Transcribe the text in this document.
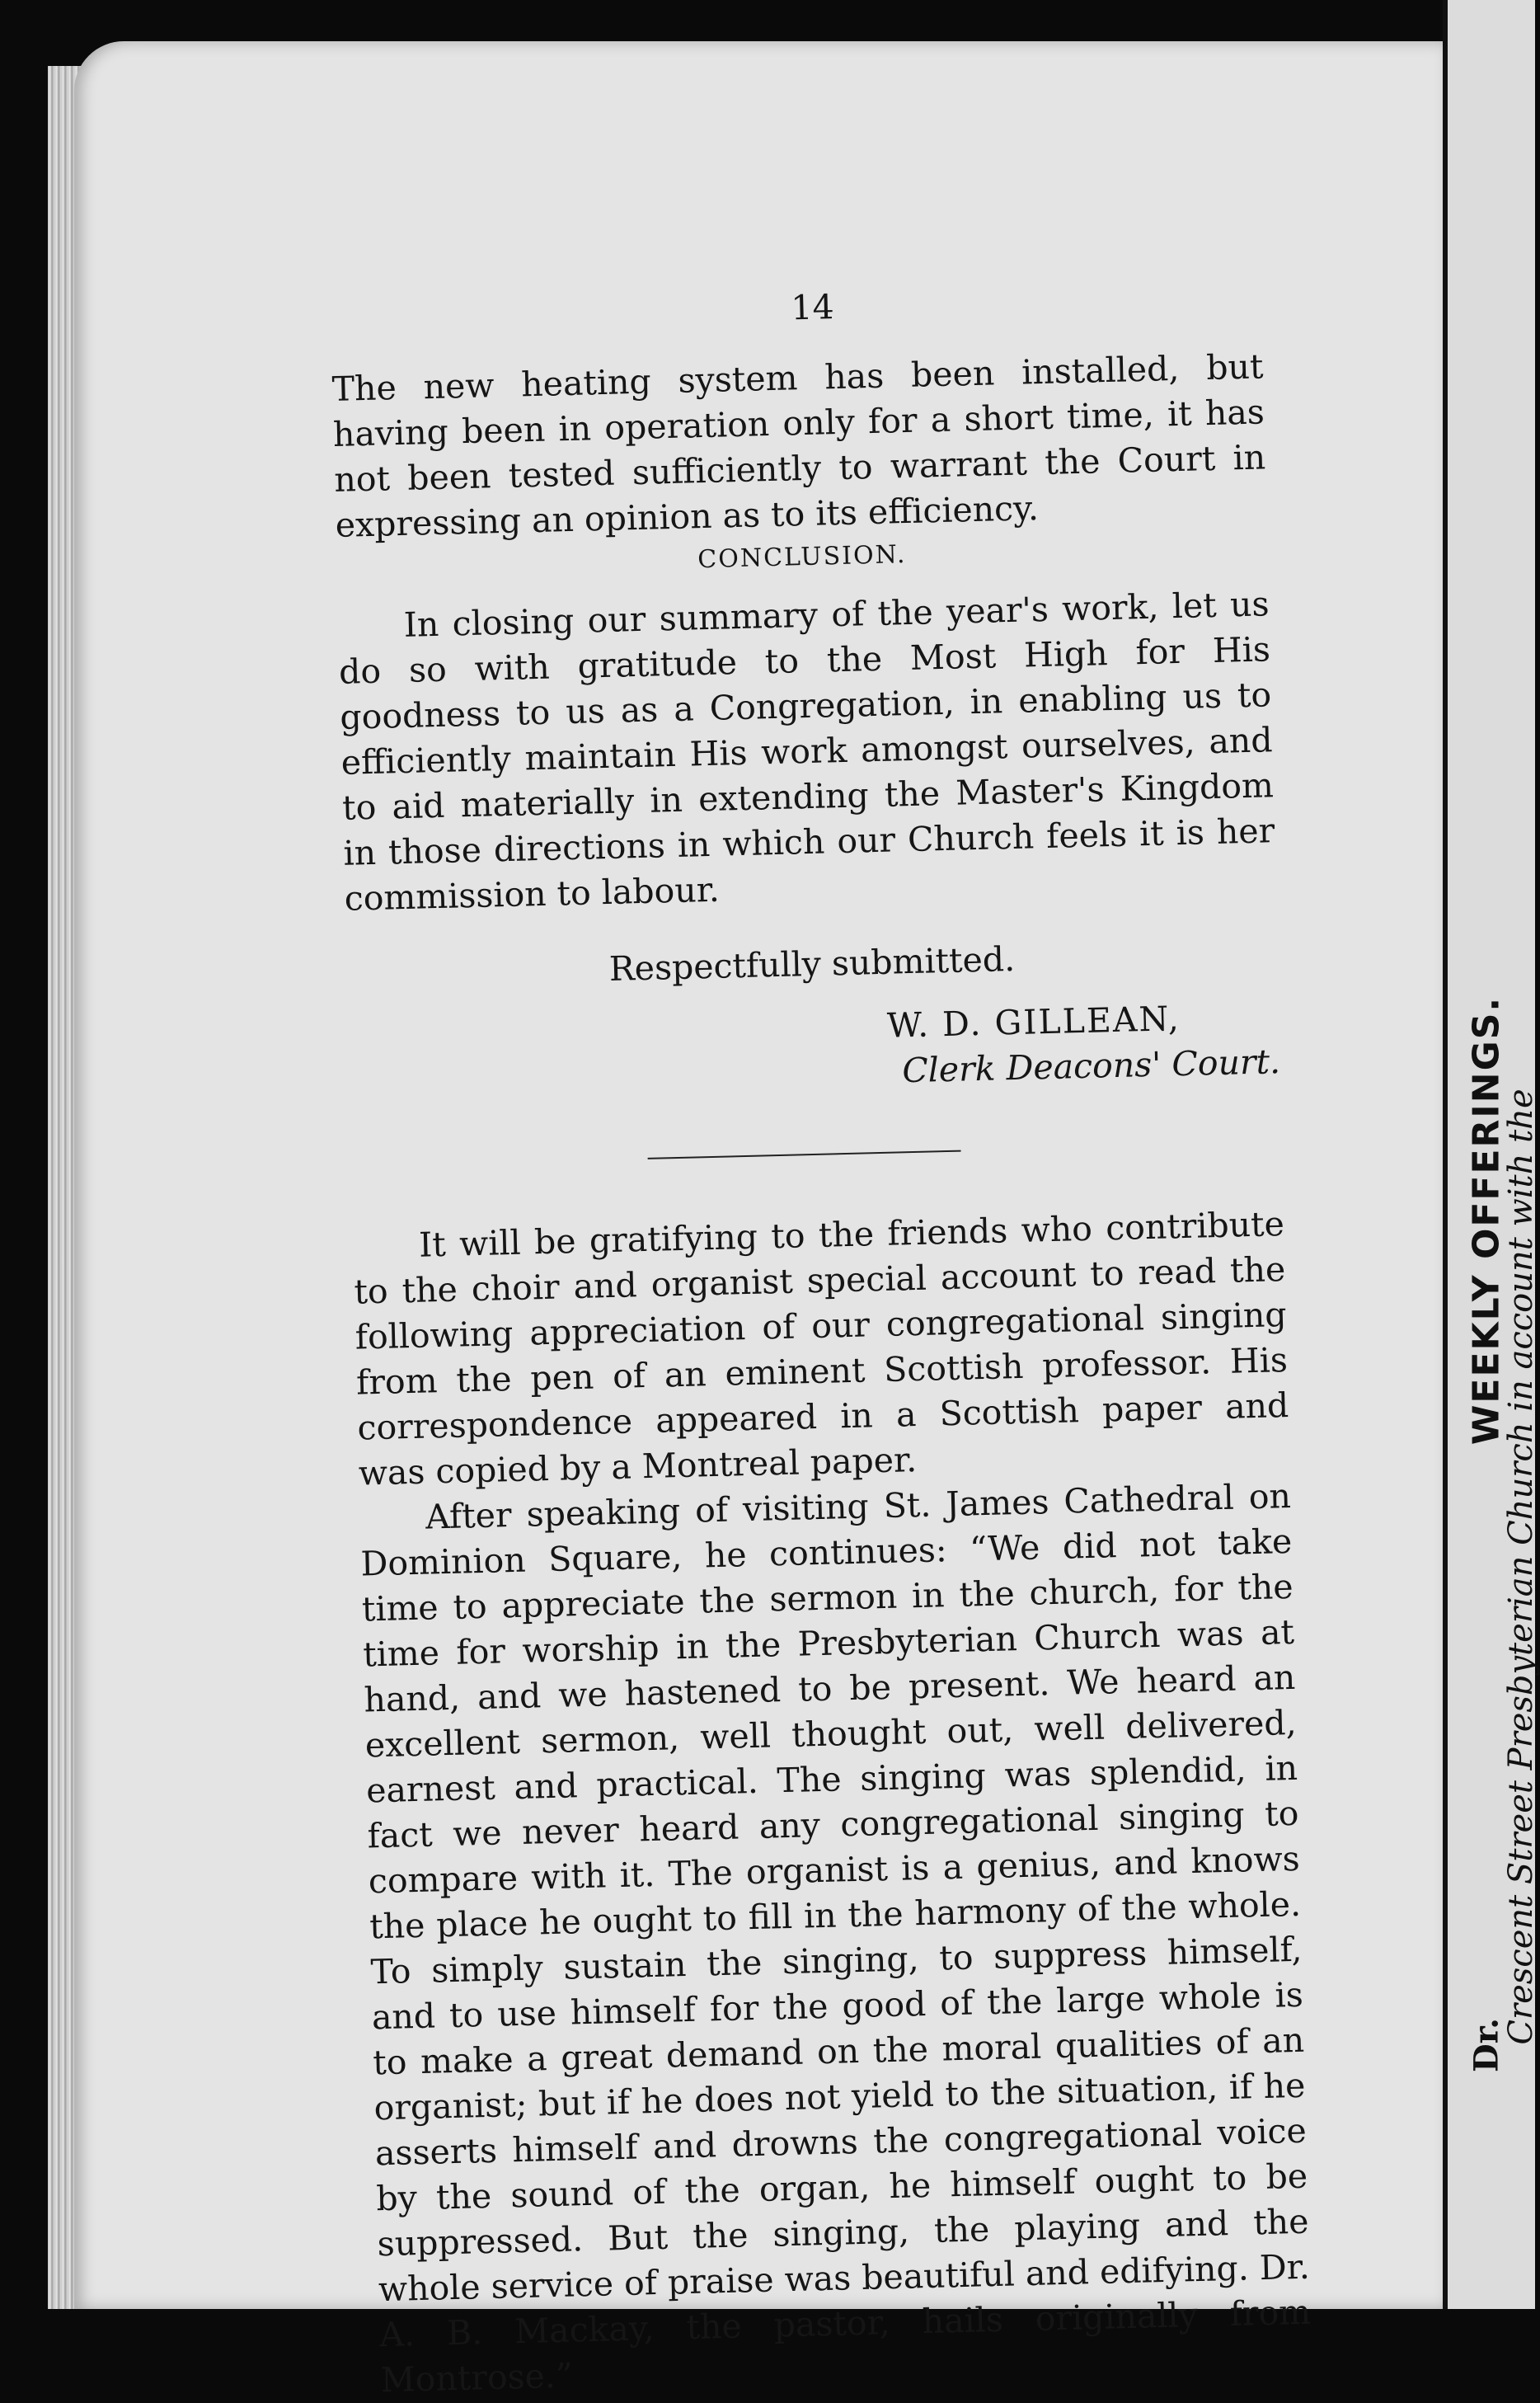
WEEKLY OFFERINGS.
Crescent Street Presbyterian Church in account with the
Dr.
14

The new heating system has been installed, but having been in operation only for a short time, it has not been tested sufficiently to warrant the Court in expressing an opinion as to its efficiency.

CONCLUSION.

In closing our summary of the year's work, let us do so with gratitude to the Most High for His goodness to us as a Congregation, in enabling us to efficiently maintain His work amongst ourselves, and to aid materially in extending the Master's Kingdom in those directions in which our Church feels it is her commission to labour.

Respectfully submitted.
W. D. GILLEAN,
Clerk Deacons' Court.

It will be gratifying to the friends who contribute to the choir and organist special account to read the following appreciation of our congregational singing from the pen of an eminent Scottish professor. His correspondence appeared in a Scottish paper and was copied by a Montreal paper.

After speaking of visiting St. James Cathedral on Dominion Square, he continues: “We did not take time to appreciate the sermon in the church, for the time for worship in the Presbyterian Church was at hand, and we hastened to be present. We heard an excellent sermon, well thought out, well delivered, earnest and practical. The singing was splendid, in fact we never heard any congregational singing to compare with it. The organist is a genius, and knows the place he ought to fill in the harmony of the whole. To simply sustain the singing, to suppress himself, and to use himself for the good of the large whole is to make a great demand on the moral qualities of an organist; but if he does not yield to the situation, if he asserts himself and drowns the congregational voice by the sound of the organ, he himself ought to be suppressed. But the singing, the playing and the whole service of praise was beautiful and edifying. Dr. A. B. Mackay, the pastor, hails originally from Montrose.”
